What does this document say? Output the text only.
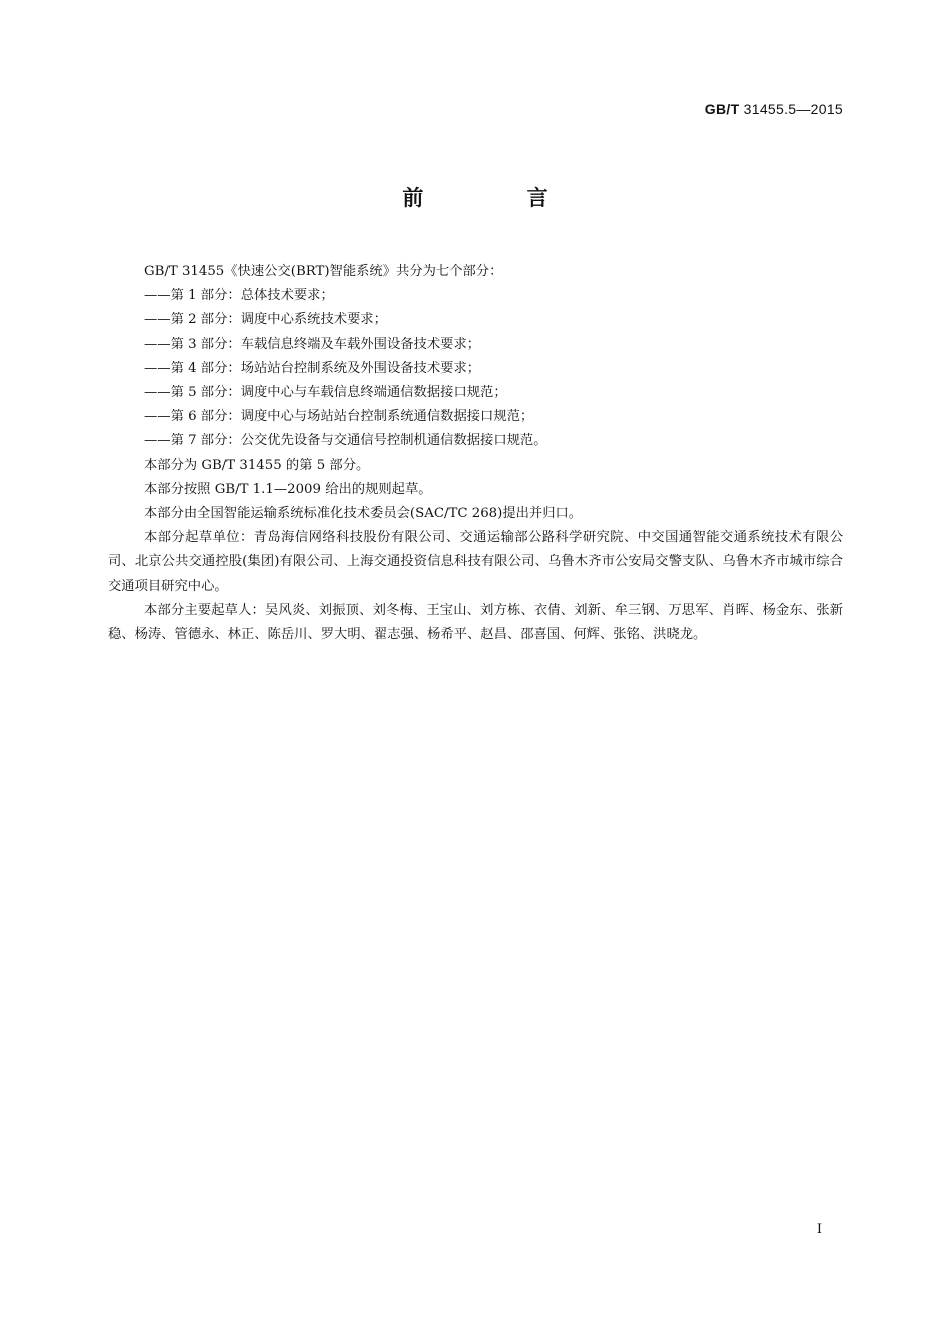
GB/T 31455.5—2015
前 言

GB/T 31455《快速公交(BRT)智能系统》共分为七个部分：

——第 1 部分：总体技术要求；
——第 2 部分：调度中心系统技术要求；
——第 3 部分：车载信息终端及车载外围设备技术要求；
——第 4 部分：场站站台控制系统及外围设备技术要求；
——第 5 部分：调度中心与车载信息终端通信数据接口规范；
——第 6 部分：调度中心与场站站台控制系统通信数据接口规范；
——第 7 部分：公交优先设备与交通信号控制机通信数据接口规范。

本部分为 GB/T 31455 的第 5 部分。

本部分按照 GB/T 1.1—2009 给出的规则起草。

本部分由全国智能运输系统标准化技术委员会(SAC/TC 268)提出并归口。

本部分起草单位：青岛海信网络科技股份有限公司、交通运输部公路科学研究院、中交国通智能交通系统技术有限公司、北京公共交通控股(集团)有限公司、上海交通投资信息科技有限公司、乌鲁木齐市公安局交警支队、乌鲁木齐市城市综合交通项目研究中心。

本部分主要起草人：吴风炎、刘振顶、刘冬梅、王宝山、刘方栋、衣倩、刘新、牟三钢、万思军、肖晖、杨金东、张新稳、杨涛、管德永、林正、陈岳川、罗大明、翟志强、杨希平、赵昌、邵喜国、何辉、张铭、洪晓龙。

I
